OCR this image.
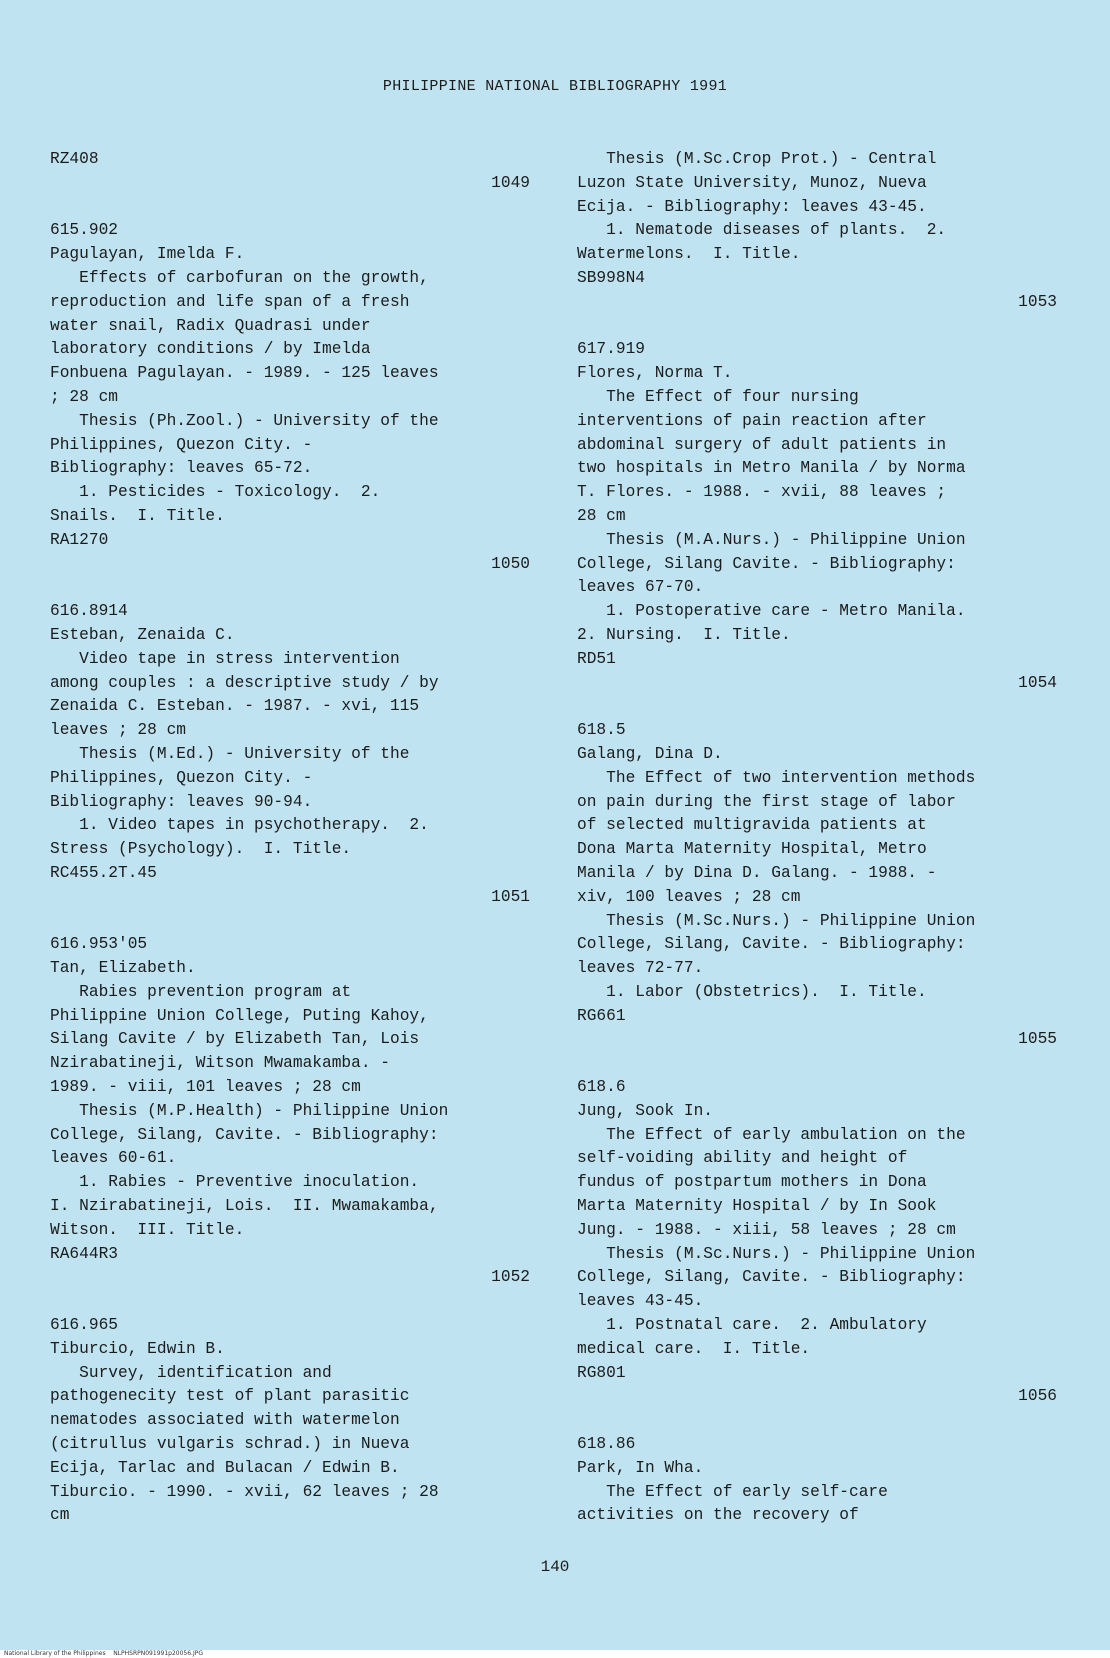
PHILIPPINE NATIONAL BIBLIOGRAPHY 1991
RZ408
1049
615.902
Pagulayan, Imelda F.
Effects of carbofuran on the growth,
reproduction and life span of a fresh
water snail, Radix Quadrasi under
laboratory conditions / by Imelda
Fonbuena Pagulayan. - 1989. - 125 leaves
; 28 cm
Thesis (Ph.Zool.) - University of the
Philippines, Quezon City. -
Bibliography: leaves 65-72.
1. Pesticides - Toxicology.  2.
Snails.  I. Title.
RA1270
1050
616.8914
Esteban, Zenaida C.
Video tape in stress intervention
among couples : a descriptive study / by
Zenaida C. Esteban. - 1987. - xvi, 115
leaves ; 28 cm
Thesis (M.Ed.) - University of the
Philippines, Quezon City. -
Bibliography: leaves 90-94.
1. Video tapes in psychotherapy.  2.
Stress (Psychology).  I. Title.
RC455.2T.45
1051
616.953'05
Tan, Elizabeth.
Rabies prevention program at
Philippine Union College, Puting Kahoy,
Silang Cavite / by Elizabeth Tan, Lois
Nzirabatineji, Witson Mwamakamba. -
1989. - viii, 101 leaves ; 28 cm
Thesis (M.P.Health) - Philippine Union
College, Silang, Cavite. - Bibliography:
leaves 60-61.
1. Rabies - Preventive inoculation.
I. Nzirabatineji, Lois.  II. Mwamakamba,
Witson.  III. Title.
RA644R3
1052
616.965
Tiburcio, Edwin B.
Survey, identification and
pathogenecity test of plant parasitic
nematodes associated with watermelon
(citrullus vulgaris schrad.) in Nueva
Ecija, Tarlac and Bulacan / Edwin B.
Tiburcio. - 1990. - xvii, 62 leaves ; 28
cm
Thesis (M.Sc.Crop Prot.) - Central
Luzon State University, Munoz, Nueva
Ecija. - Bibliography: leaves 43-45.
1. Nematode diseases of plants.  2.
Watermelons.  I. Title.
SB998N4
1053
617.919
Flores, Norma T.
The Effect of four nursing
interventions of pain reaction after
abdominal surgery of adult patients in
two hospitals in Metro Manila / by Norma
T. Flores. - 1988. - xvii, 88 leaves ;
28 cm
Thesis (M.A.Nurs.) - Philippine Union
College, Silang Cavite. - Bibliography:
leaves 67-70.
1. Postoperative care - Metro Manila.
2. Nursing.  I. Title.
RD51
1054
618.5
Galang, Dina D.
The Effect of two intervention methods
on pain during the first stage of labor
of selected multigravida patients at
Dona Marta Maternity Hospital, Metro
Manila / by Dina D. Galang. - 1988. -
xiv, 100 leaves ; 28 cm
Thesis (M.Sc.Nurs.) - Philippine Union
College, Silang, Cavite. - Bibliography:
leaves 72-77.
1. Labor (Obstetrics).  I. Title.
RG661
1055
618.6
Jung, Sook In.
The Effect of early ambulation on the
self-voiding ability and height of
fundus of postpartum mothers in Dona
Marta Maternity Hospital / by In Sook
Jung. - 1988. - xiii, 58 leaves ; 28 cm
Thesis (M.Sc.Nurs.) - Philippine Union
College, Silang, Cavite. - Bibliography:
leaves 43-45.
1. Postnatal care.  2. Ambulatory
medical care.  I. Title.
RG801
1056
618.86
Park, In Wha.
The Effect of early self-care
activities on the recovery of
140
National Library of the Philippines    NLPHSRPN091991p20056.JPG
